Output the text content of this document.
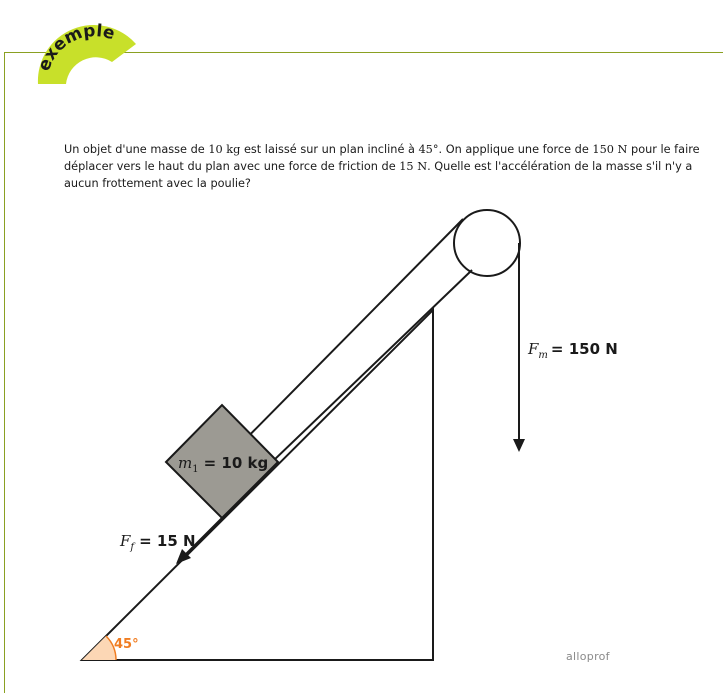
exemple

Un objet d'une masse de 10 kg est laissé sur un plan incliné à 45°. On applique une force de 150 N pour le faire déplacer vers le haut du plan avec une force de friction de 15 N. Quelle est l'accélération de la masse s'il n'y a aucun frottement avec la poulie?

45°
$m_1 = 10$ kg
$F_m = 150$ N
$F_f = 15$ N
alloprof
